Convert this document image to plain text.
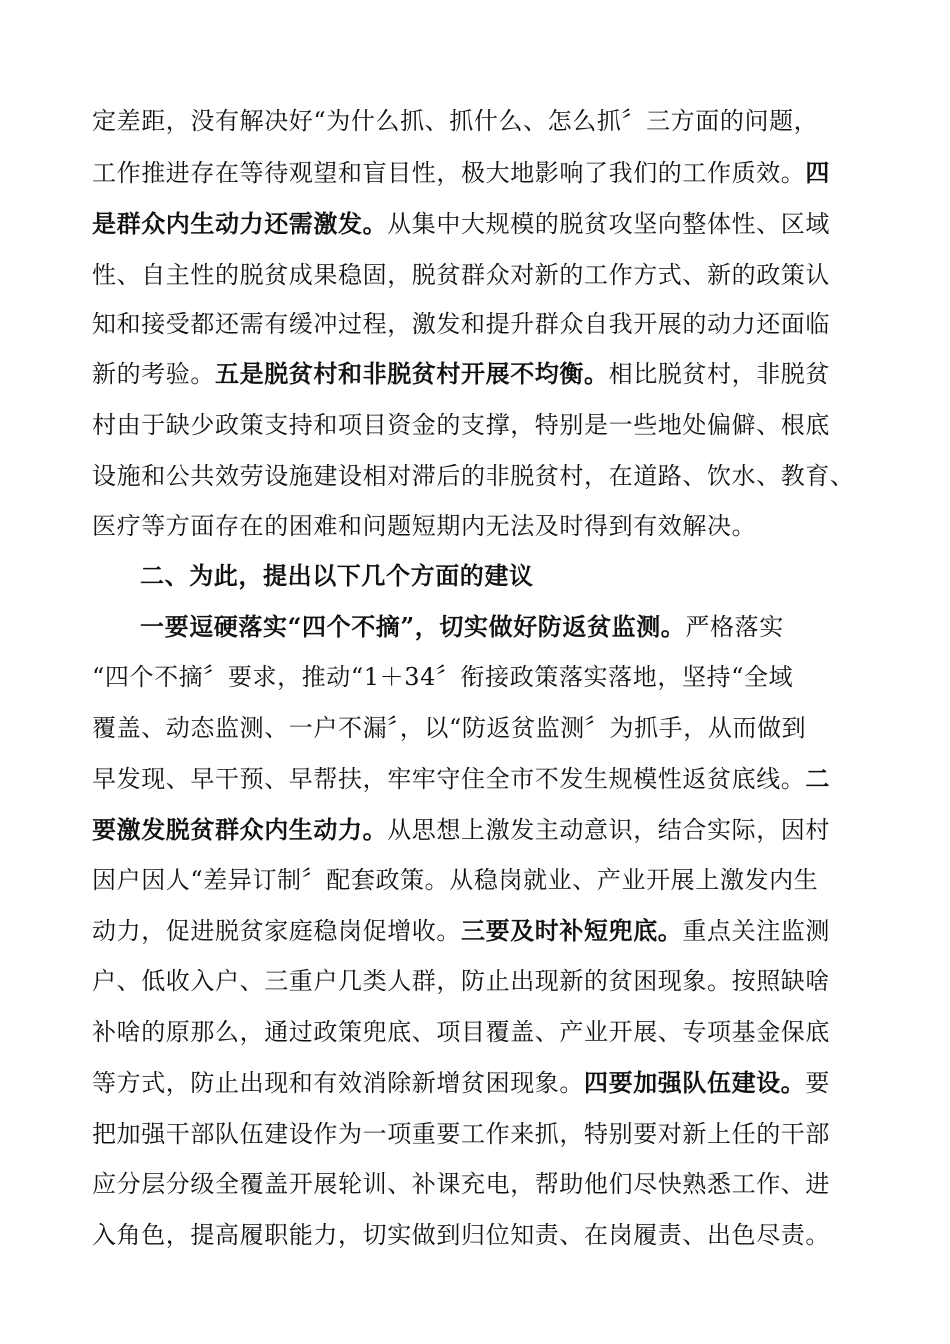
定差距，没有解决好“为什么抓、抓什么、怎么抓〞三方面的问题，
工作推进存在等待观望和盲目性，极大地影响了我们的工作质效。四
是群众内生动力还需激发。从集中大规模的脱贫攻坚向整体性、区域
性、自主性的脱贫成果稳固，脱贫群众对新的工作方式、新的政策认
知和接受都还需有缓冲过程，激发和提升群众自我开展的动力还面临
新的考验。五是脱贫村和非脱贫村开展不均衡。相比脱贫村，非脱贫
村由于缺少政策支持和项目资金的支撑，特别是一些地处偏僻、根底
设施和公共效劳设施建设相对滞后的非脱贫村，在道路、饮水、教育、
医疗等方面存在的困难和问题短期内无法及时得到有效解决。
二、为此，提出以下几个方面的建议
一要逗硬落实“四个不摘”，切实做好防返贫监测。严格落实
“四个不摘〞要求，推动“1＋34〞衔接政策落实落地，坚持“全域
覆盖、动态监测、一户不漏〞，以“防返贫监测〞为抓手，从而做到
早发现、早干预、早帮扶，牢牢守住全市不发生规模性返贫底线。二
要激发脱贫群众内生动力。从思想上激发主动意识，结合实际，因村
因户因人“差异订制〞配套政策。从稳岗就业、产业开展上激发内生
动力，促进脱贫家庭稳岗促增收。三要及时补短兜底。重点关注监测
户、低收入户、三重户几类人群，防止出现新的贫困现象。按照缺啥
补啥的原那么，通过政策兜底、项目覆盖、产业开展、专项基金保底
等方式，防止出现和有效消除新增贫困现象。四要加强队伍建设。要
把加强干部队伍建设作为一项重要工作来抓，特别要对新上任的干部
应分层分级全覆盖开展轮训、补课充电，帮助他们尽快熟悉工作、进
入角色，提高履职能力，切实做到归位知责、在岗履责、出色尽责。
